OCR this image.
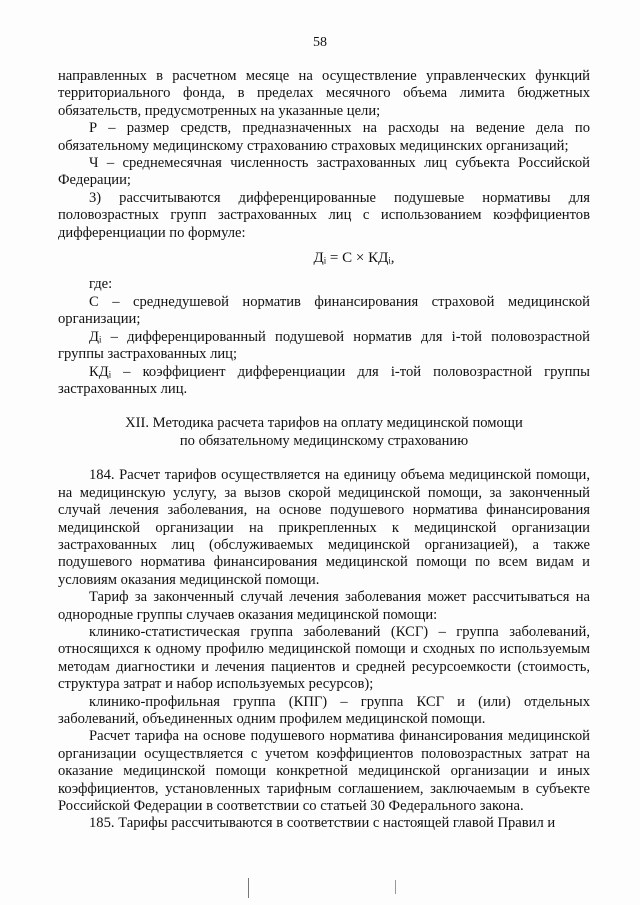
58

направленных в расчетном месяце на осуществление управленческих функций территориального фонда, в пределах месячного объема лимита бюджетных обязательств, предусмотренных на указанные цели;

Р – размер средств, предназначенных на расходы на ведение дела по обязательному медицинскому страхованию страховых медицинских организаций;

Ч – среднемесячная численность застрахованных лиц субъекта Российской Федерации;

3) рассчитываются дифференцированные подушевые нормативы для половозрастных групп застрахованных лиц с использованием коэффициентов дифференциации по формуле:

Дᵢ = С × КДᵢ,

где:

С – среднедушевой норматив финансирования страховой медицинской организации;

Дᵢ – дифференцированный подушевой норматив для i-той половозрастной группы застрахованных лиц;

КДᵢ – коэффициент дифференциации для i-той половозрастной группы застрахованных лиц.

XII. Методика расчета тарифов на оплату медицинской помощи
по обязательному медицинскому страхованию

184. Расчет тарифов осуществляется на единицу объема медицинской помощи, на медицинскую услугу, за вызов скорой медицинской помощи, за законченный случай лечения заболевания, на основе подушевого норматива финансирования медицинской организации на прикрепленных к медицинской организации застрахованных лиц (обслуживаемых медицинской организацией), а также подушевого норматива финансирования медицинской помощи по всем видам и условиям оказания медицинской помощи.

Тариф за законченный случай лечения заболевания может рассчитываться на однородные группы случаев оказания медицинской помощи:

клинико-статистическая группа заболеваний (КСГ) – группа заболеваний, относящихся к одному профилю медицинской помощи и сходных по используемым методам диагностики и лечения пациентов и средней ресурсоемкости (стоимость, структура затрат и набор используемых ресурсов);

клинико-профильная группа (КПГ) – группа КСГ и (или) отдельных заболеваний, объединенных одним профилем медицинской помощи.

Расчет тарифа на основе подушевого норматива финансирования медицинской организации осуществляется с учетом коэффициентов половозрастных затрат на оказание медицинской помощи конкретной медицинской организации и иных коэффициентов, установленных тарифным соглашением, заключаемым в субъекте Российской Федерации в соответствии со статьей 30 Федерального закона.

185. Тарифы рассчитываются в соответствии с настоящей главой Правил и
